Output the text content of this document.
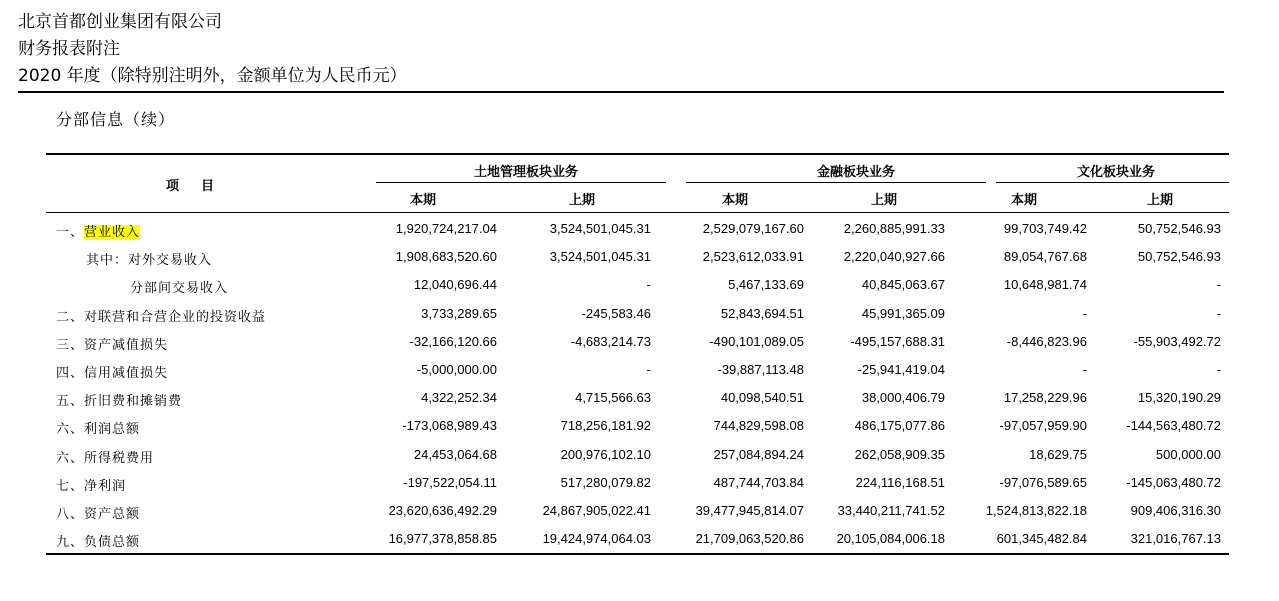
北京首都创业集团有限公司
财务报表附注
2020 年度（除特别注明外，金额单位为人民币元）
分部信息（续）
项目
土地管理板块业务	金融板块业务	文化板块业务
本期	上期	本期	上期	本期	上期
一、营业收入	1,920,724,217.04	3,524,501,045.31	2,529,079,167.60	2,260,885,991.33	99,703,749.42	50,752,546.93
其中：对外交易收入	1,908,683,520.60	3,524,501,045.31	2,523,612,033.91	2,220,040,927.66	89,054,767.68	50,752,546.93
分部间交易收入	12,040,696.44	-	5,467,133.69	40,845,063.67	10,648,981.74	-
二、对联营和合营企业的投资收益	3,733,289.65	-245,583.46	52,843,694.51	45,991,365.09	-	-
三、资产减值损失	-32,166,120.66	-4,683,214.73	-490,101,089.05	-495,157,688.31	-8,446,823.96	-55,903,492.72
四、信用减值损失	-5,000,000.00	-	-39,887,113.48	-25,941,419.04	-	-
五、折旧费和摊销费	4,322,252.34	4,715,566.63	40,098,540.51	38,000,406.79	17,258,229.96	15,320,190.29
六、利润总额	-173,068,989.43	718,256,181.92	744,829,598.08	486,175,077.86	-97,057,959.90	-144,563,480.72
六、所得税费用	24,453,064.68	200,976,102.10	257,084,894.24	262,058,909.35	18,629.75	500,000.00
七、净利润	-197,522,054.11	517,280,079.82	487,744,703.84	224,116,168.51	-97,076,589.65	-145,063,480.72
八、资产总额	23,620,636,492.29	24,867,905,022.41	39,477,945,814.07	33,440,211,741.52	1,524,813,822.18	909,406,316.30
九、负债总额	16,977,378,858.85	19,424,974,064.03	21,709,063,520.86	20,105,084,006.18	601,345,482.84	321,016,767.13
